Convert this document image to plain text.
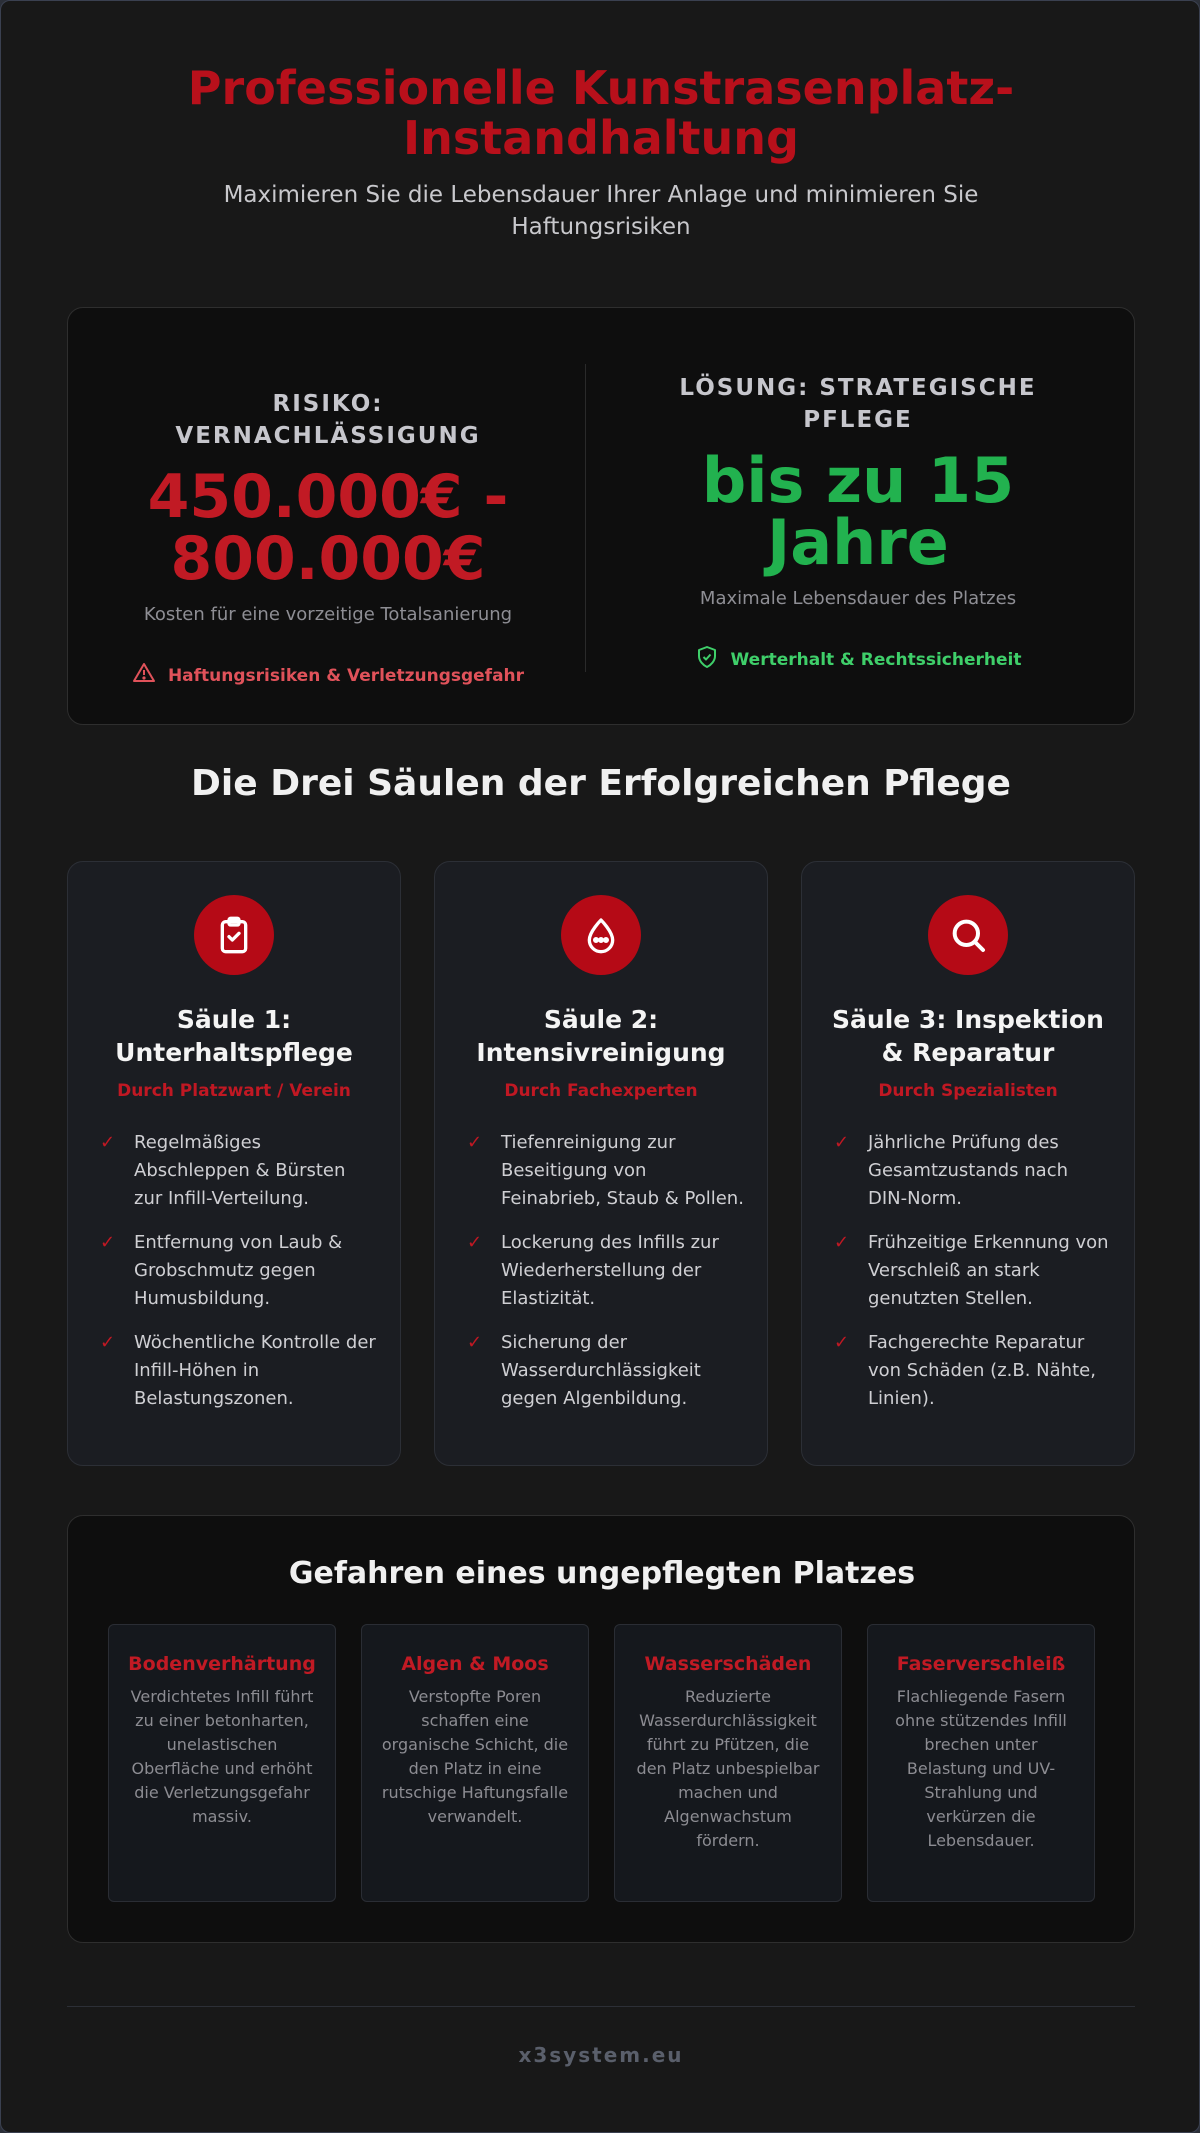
Professionelle Kunstrasenplatz-Instandhaltung

Maximieren Sie die Lebensdauer Ihrer Anlage und minimieren Sie Haftungsrisiken

RISIKO: VERNACHLÄSSIGUNG
450.000€ - 800.000€
Kosten für eine vorzeitige Totalsanierung
Haftungsrisiken & Verletzungsgefahr
LÖSUNG: STRATEGISCHE PFLEGE
bis zu 15 Jahre
Maximale Lebensdauer des Platzes
Werterhalt & Rechtssicherheit
Die Drei Säulen der Erfolgreichen Pflege
Säule 1: Unterhaltspflege
Durch Platzwart / Verein
✓	Regelmäßiges Abschleppen & Bürsten zur Infill-Verteilung.
✓	Entfernung von Laub & Grobschmutz gegen Humusbildung.
✓	Wöchentliche Kontrolle der Infill-Höhen in Belastungszonen.
Säule 2: Intensivreinigung
Durch Fachexperten
✓	Tiefenreinigung zur Beseitigung von Feinabrieb, Staub & Pollen.
✓	Lockerung des Infills zur Wiederherstellung der Elastizität.
✓	Sicherung der Wasserdurchlässigkeit gegen Algenbildung.
Säule 3: Inspektion & Reparatur
Durch Spezialisten
✓	Jährliche Prüfung des Gesamtzustands nach DIN-Norm.
✓	Frühzeitige Erkennung von Verschleiß an stark genutzten Stellen.
✓	Fachgerechte Reparatur von Schäden (z.B. Nähte, Linien).
Gefahren eines ungepflegten Platzes
Bodenverhärtung
Verdichtetes Infill führt zu einer betonharten, unelastischen Oberfläche und erhöht die Verletzungsgefahr massiv.
Algen & Moos
Verstopfte Poren schaffen eine organische Schicht, die den Platz in eine rutschige Haftungsfalle verwandelt.
Wasserschäden
Reduzierte Wasserdurchlässigkeit führt zu Pfützen, die den Platz unbespielbar machen und Algenwachstum fördern.
Faserverschleiß
Flachliegende Fasern ohne stützendes Infill brechen unter Belastung und UV-Strahlung und verkürzen die Lebensdauer.
x3system.eu
